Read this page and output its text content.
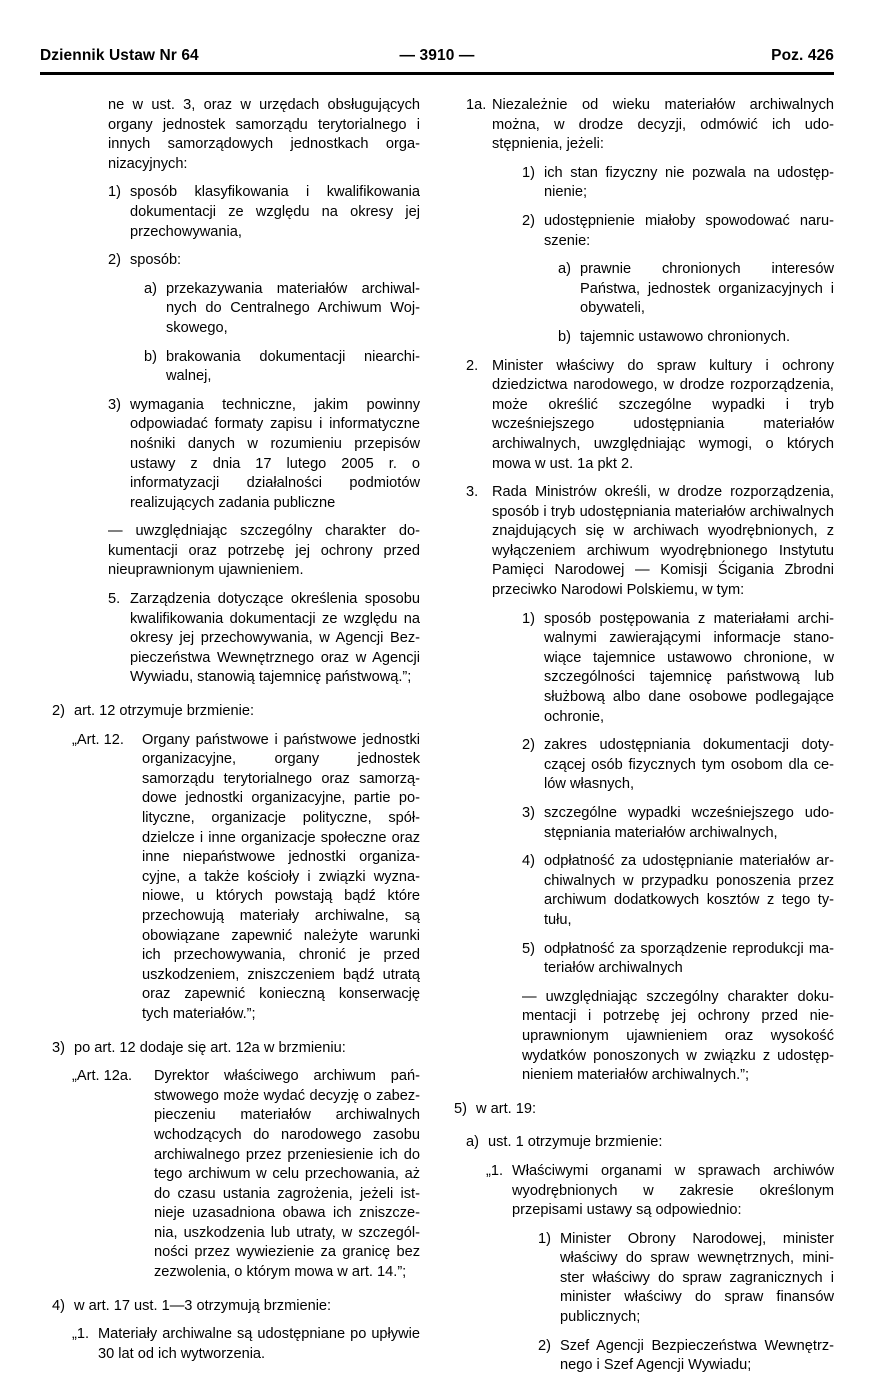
Dziennik Ustaw Nr 64	— 3910 —	Poz. 426
ne w ust. 3, oraz w urzędach obsługujących organy jednostek samorządu terytorialnego i innych samorządowych jednostkach organizacyjnych:
1) sposób klasyfikowania i kwalifikowania dokumentacji ze względu na okresy jej przechowywania,
2) sposób:
a) przekazywania materiałów archiwalnych do Centralnego Archiwum Wojskowego,
b) brakowania dokumentacji niearchiwalnej,
3) wymagania techniczne, jakim powinny odpowiadać formaty zapisu i informatyczne nośniki danych w rozumieniu przepisów ustawy z dnia 17 lutego 2005 r. o informatyzacji działalności podmiotów realizujących zadania publiczne
— uwzględniając szczególny charakter dokumentacji oraz potrzebę jej ochrony przed nieuprawnionym ujawnieniem.
5. Zarządzenia dotyczące określenia sposobu kwalifikowania dokumentacji ze względu na okresy jej przechowywania, w Agencji Bezpieczeństwa Wewnętrznego oraz w Agencji Wywiadu, stanowią tajemnicę państwową.”;
2) art. 12 otrzymuje brzmienie:
„Art. 12. Organy państwowe i państwowe jednostki organizacyjne, organy jednostek samorządu terytorialnego oraz samorządowe jednostki organizacyjne, partie polityczne, organizacje polityczne, spółdzielcze i inne organizacje społeczne oraz inne niepaństwowe jednostki organizacyjne, a także kościoły i związki wyznaniowe, u których powstają bądź które przechowują materiały archiwalne, są obowiązane zapewnić należyte warunki ich przechowywania, chronić je przed uszkodzeniem, zniszczeniem bądź utratą oraz zapewnić konieczną konserwację tych materiałów.”;
3) po art. 12 dodaje się art. 12a w brzmieniu:
„Art. 12a. Dyrektor właściwego archiwum państwowego może wydać decyzję o zabezpieczeniu materiałów archiwalnych wchodzących do narodowego zasobu archiwalnego przez przeniesienie ich do tego archiwum w celu przechowania, aż do czasu ustania zagrożenia, jeżeli istnieje uzasadniona obawa ich zniszczenia, uszkodzenia lub utraty, w szczególności przez wywiezienie za granicę bez zezwolenia, o którym mowa w art. 14.”;
4) w art. 17 ust. 1—3 otrzymują brzmienie:
„1. Materiały archiwalne są udostępniane po upływie 30 lat od ich wytworzenia.
1a. Niezależnie od wieku materiałów archiwalnych można, w drodze decyzji, odmówić ich udostępnienia, jeżeli:
1) ich stan fizyczny nie pozwala na udostępnienie;
2) udostępnienie miałoby spowodować naruszenie:
a) prawnie chronionych interesów Państwa, jednostek organizacyjnych i obywateli,
b) tajemnic ustawowo chronionych.
2. Minister właściwy do spraw kultury i ochrony dziedzictwa narodowego, w drodze rozporządzenia, może określić szczególne wypadki i tryb wcześniejszego udostępniania materiałów archiwalnych, uwzględniając wymogi, o których mowa w ust. 1a pkt 2.
3. Rada Ministrów określi, w drodze rozporządzenia, sposób i tryb udostępniania materiałów archiwalnych znajdujących się w archiwach wyodrębnionych, z wyłączeniem archiwum wyodrębnionego Instytutu Pamięci Narodowej — Komisji Ścigania Zbrodni przeciwko Narodowi Polskiemu, w tym:
1) sposób postępowania z materiałami archiwalnymi zawierającymi informacje stanowiące tajemnice ustawowo chronione, w szczególności tajemnicę państwową lub służbową albo dane osobowe podlegające ochronie,
2) zakres udostępniania dokumentacji dotyczącej osób fizycznych tym osobom dla celów własnych,
3) szczególne wypadki wcześniejszego udostępniania materiałów archiwalnych,
4) odpłatność za udostępnianie materiałów archiwalnych w przypadku ponoszenia przez archiwum dodatkowych kosztów z tego tytułu,
5) odpłatność za sporządzenie reprodukcji materiałów archiwalnych
— uwzględniając szczególny charakter dokumentacji i potrzebę jej ochrony przed nieuprawnionym ujawnieniem oraz wysokość wydatków ponoszonych w związku z udostępnieniem materiałów archiwalnych.”;
5) w art. 19:
a) ust. 1 otrzymuje brzmienie:
„1. Właściwymi organami w sprawach archiwów wyodrębnionych w zakresie określonym przepisami ustawy są odpowiednio:
1) Minister Obrony Narodowej, minister właściwy do spraw wewnętrznych, minister właściwy do spraw zagranicznych i minister właściwy do spraw finansów publicznych;
2) Szef Agencji Bezpieczeństwa Wewnętrznego i Szef Agencji Wywiadu;
